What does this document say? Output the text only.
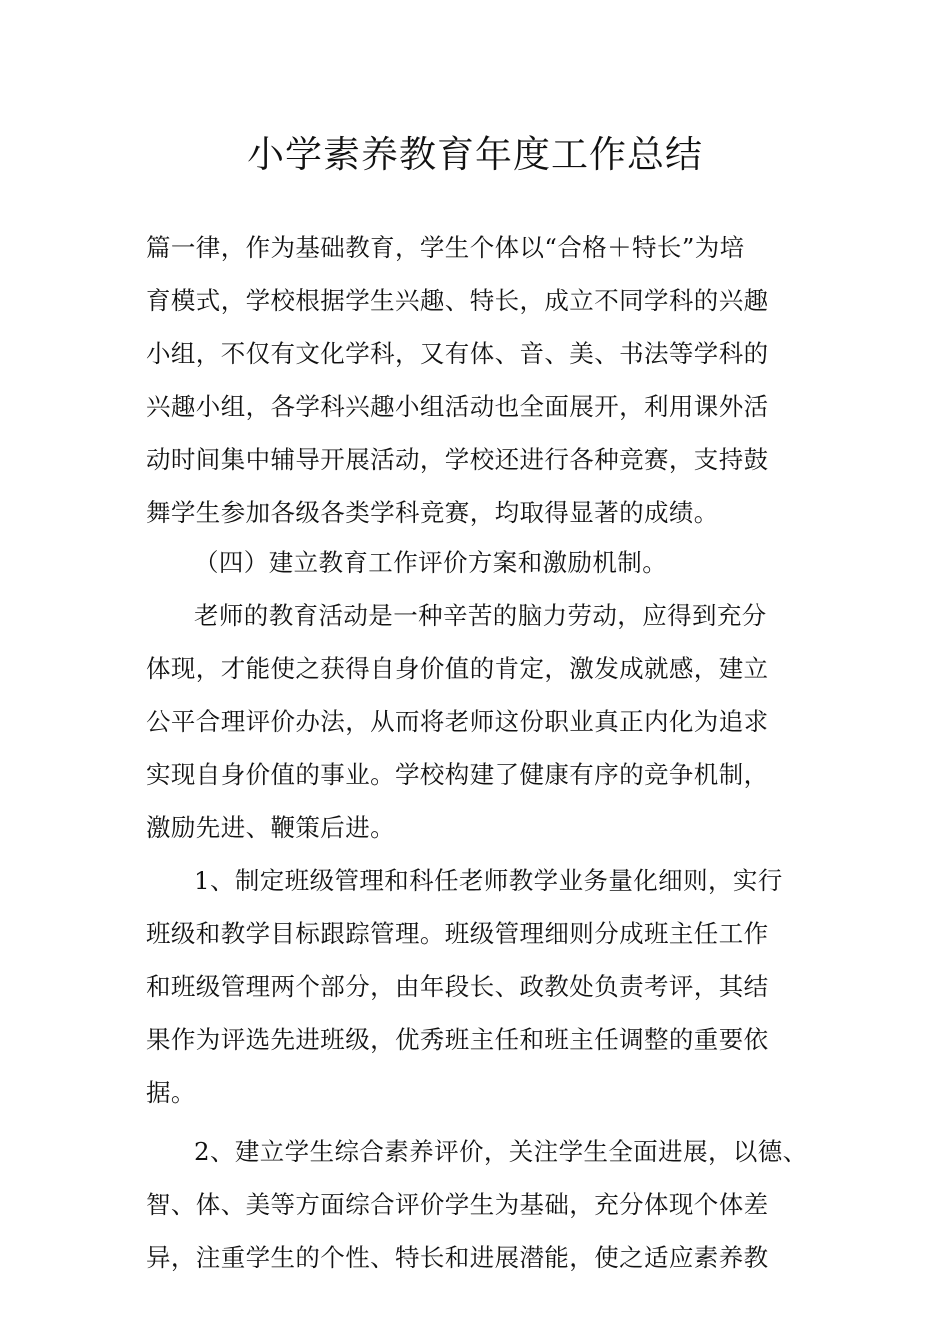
小学素养教育年度工作总结
篇一律，作为基础教育，学生个体以“合格＋特长”为培
育模式，学校根据学生兴趣、特长，成立不同学科的兴趣
小组，不仅有文化学科，又有体、音、美、书法等学科的
兴趣小组，各学科兴趣小组活动也全面展开，利用课外活
动时间集中辅导开展活动，学校还进行各种竞赛，支持鼓
舞学生参加各级各类学科竞赛，均取得显著的成绩。
（四）建立教育工作评价方案和激励机制。
老师的教育活动是一种辛苦的脑力劳动，应得到充分
体现，才能使之获得自身价值的肯定，激发成就感，建立
公平合理评价办法，从而将老师这份职业真正内化为追求
实现自身价值的事业。学校构建了健康有序的竞争机制，
激励先进、鞭策后进。
1、制定班级管理和科任老师教学业务量化细则，实行
班级和教学目标跟踪管理。班级管理细则分成班主任工作
和班级管理两个部分，由年段长、政教处负责考评，其结
果作为评选先进班级，优秀班主任和班主任调整的重要依
据。
2、建立学生综合素养评价，关注学生全面进展，以德、
智、体、美等方面综合评价学生为基础，充分体现个体差
异，注重学生的个性、特长和进展潜能，使之适应素养教
